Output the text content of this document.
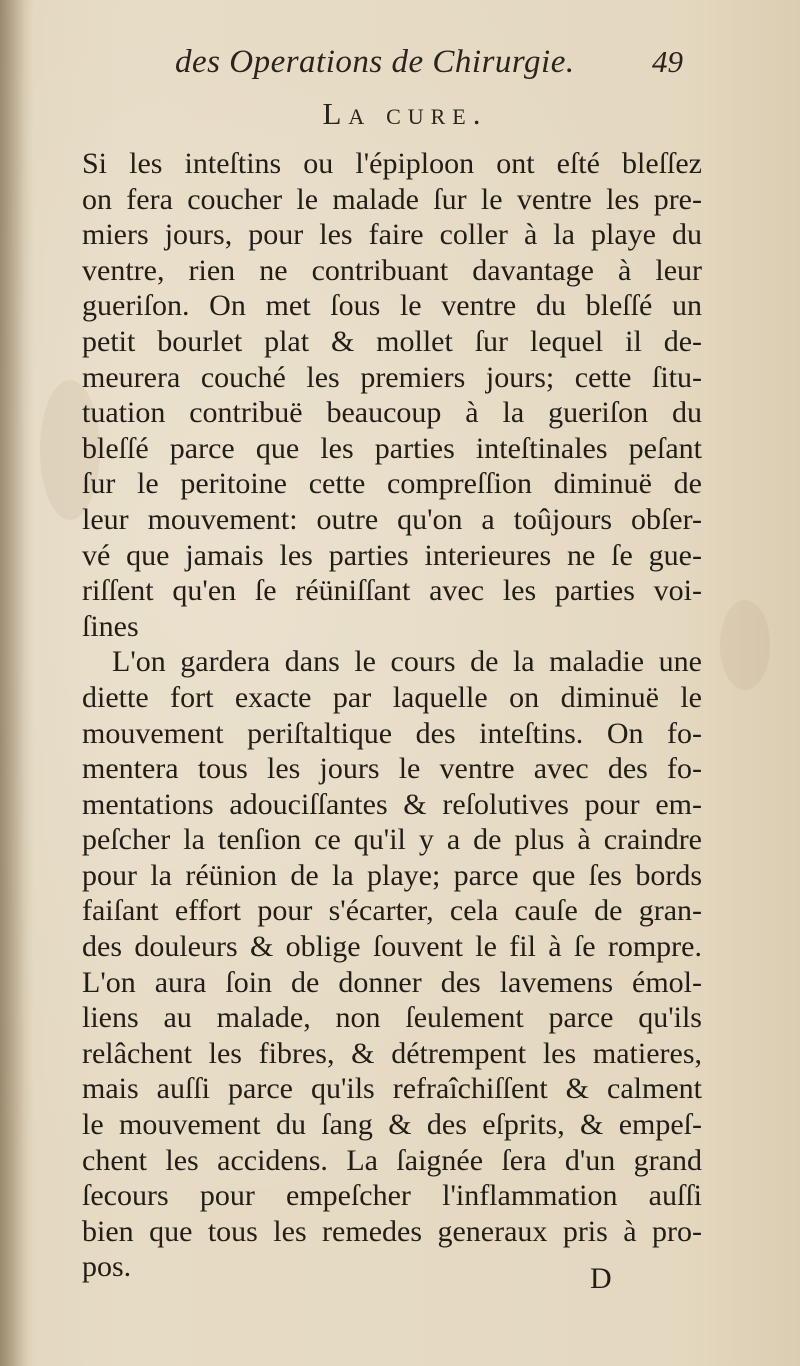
des Operations de Chirurgie. 49
La cure.
Si les inteſtins ou l'épiploon ont eſté bleſſez
on fera coucher le malade ſur le ventre les pre-
miers jours, pour les faire coller à la playe du
ventre, rien ne contribuant davantage à leur
gueriſon. On met ſous le ventre du bleſſé un
petit bourlet plat & mollet ſur lequel il de-
meurera couché les premiers jours; cette ſitu-
tuation contribuë beaucoup à la gueriſon du
bleſſé parce que les parties inteſtinales peſant
ſur le peritoine cette compreſſion diminuë de
leur mouvement: outre qu'on a toûjours obſer-
vé que jamais les parties interieures ne ſe gue-
riſſent qu'en ſe réüniſſant avec les parties voi-
ſines
L'on gardera dans le cours de la maladie une
diette fort exacte par laquelle on diminuë le
mouvement periſtaltique des inteſtins. On fo-
mentera tous les jours le ventre avec des fo-
mentations adouciſſantes & reſolutives pour em-
peſcher la tenſion ce qu'il y a de plus à craindre
pour la réünion de la playe; parce que ſes bords
faiſant effort pour s'écarter, cela cauſe de gran-
des douleurs & oblige ſouvent le fil à ſe rompre.
L'on aura ſoin de donner des lavemens émol-
liens au malade, non ſeulement parce qu'ils
relâchent les fibres, & détrempent les matieres,
mais auſſi parce qu'ils refraîchiſſent & calment
le mouvement du ſang & des eſprits, & empeſ-
chent les accidens. La ſaignée ſera d'un grand
ſecours pour empeſcher l'inflammation auſſi
bien que tous les remedes generaux pris à pro-
pos.	D
